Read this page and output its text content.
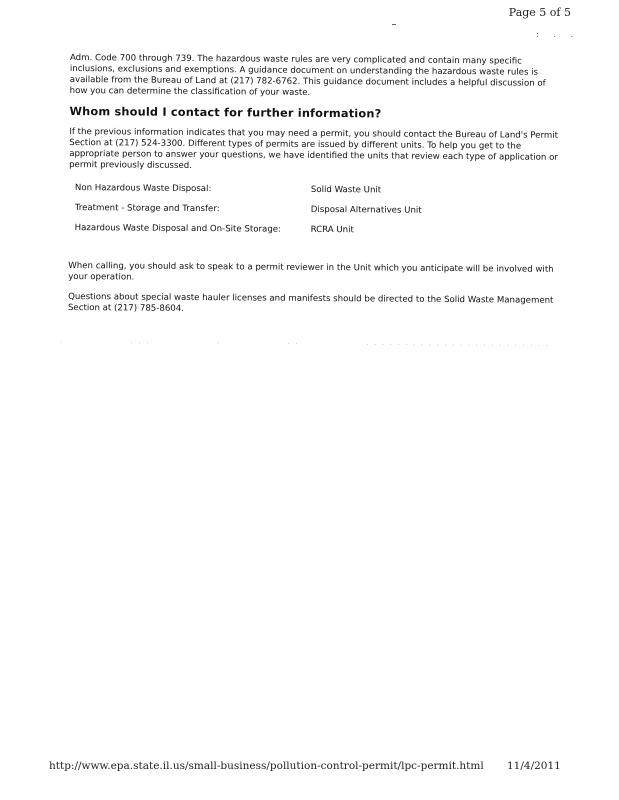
Page 5 of 5
: . .

Adm. Code 700 through 739. The hazardous waste rules are very complicated and contain many specific inclusions, exclusions and exemptions. A guidance document on understanding the hazardous waste rules is available from the Bureau of Land at (217) 782-6762. This guidance document includes a helpful discussion of how you can determine the classification of your waste.

Whom should I contact for further information?

If the previous information indicates that you may need a permit, you should contact the Bureau of Land's Permit Section at (217) 524-3300. Different types of permits are issued by different units. To help you get to the appropriate person to answer your questions, we have identified the units that review each type of application or permit previously discussed.

Non Hazardous Waste Disposal:	Solid Waste Unit
Treatment - Storage and Transfer:	Disposal Alternatives Unit
Hazardous Waste Disposal and On-Site Storage:	RCRA Unit

When calling, you should ask to speak to a permit reviewer in the Unit which you anticipate will be involved with your operation.

Questions about special waste hauler licenses and manifests should be directed to the Solid Waste Management Section at (217) 785-8604.

·	· · ·	·	· ·	· · · · · · · · · · · · · · · · · · · · · · · ·
http://www.epa.state.il.us/small-business/pollution-control-permit/lpc-permit.html 11/4/2011
